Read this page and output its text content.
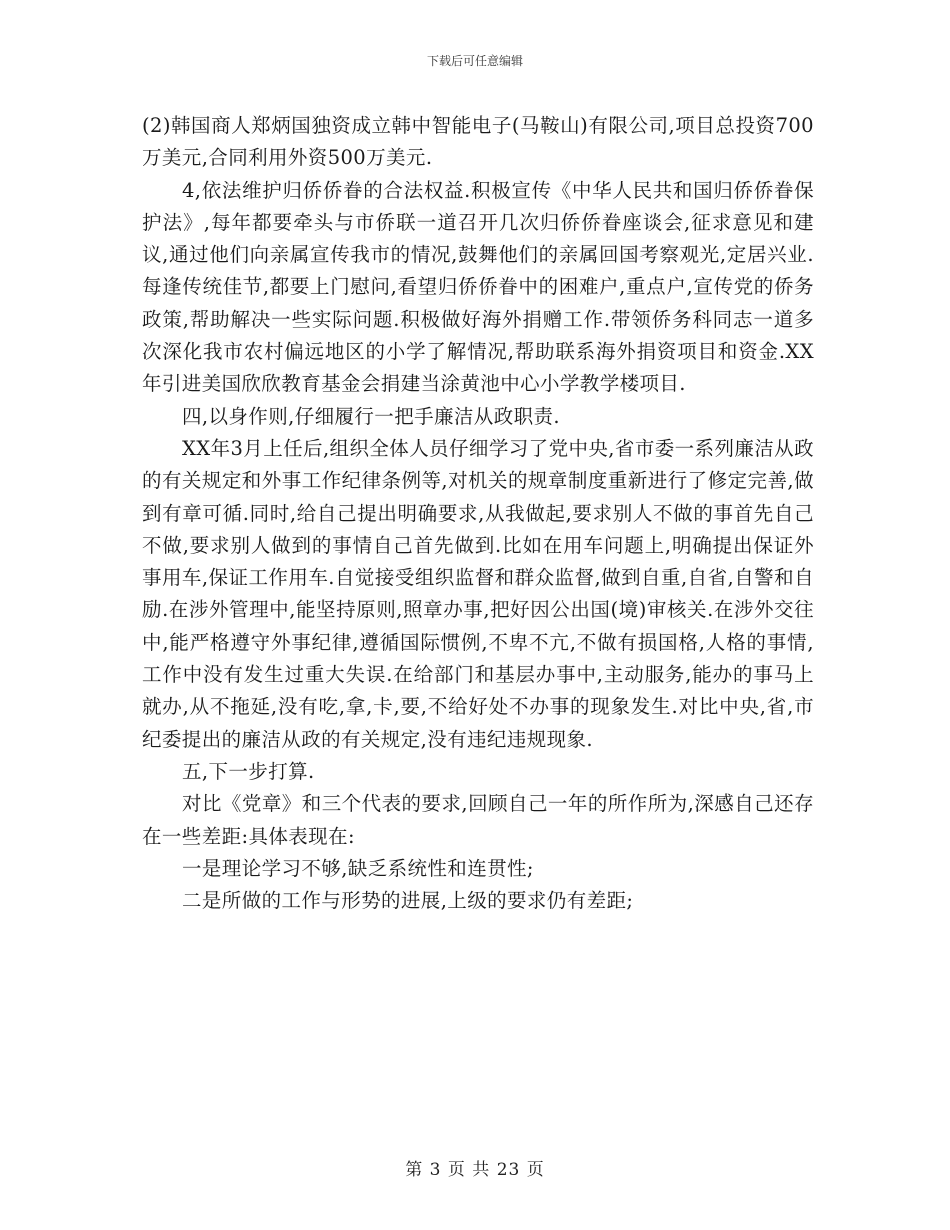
下载后可任意编辑

(2)韩国商人郑炳国独资成立韩中智能电子(马鞍山)有限公司,项目总投资700万美元,合同利用外资500万美元.

4,依法维护归侨侨眷的合法权益.积极宣传《中华人民共和国归侨侨眷保护法》,每年都要牵头与市侨联一道召开几次归侨侨眷座谈会,征求意见和建议,通过他们向亲属宣传我市的情况,鼓舞他们的亲属回国考察观光,定居兴业.每逢传统佳节,都要上门慰问,看望归侨侨眷中的困难户,重点户,宣传党的侨务政策,帮助解决一些实际问题.积极做好海外捐赠工作.带领侨务科同志一道多次深化我市农村偏远地区的小学了解情况,帮助联系海外捐资项目和资金.XX年引进美国欣欣教育基金会捐建当涂黄池中心小学教学楼项目.

四,以身作则,仔细履行一把手廉洁从政职责.

XX年3月上任后,组织全体人员仔细学习了党中央,省市委一系列廉洁从政的有关规定和外事工作纪律条例等,对机关的规章制度重新进行了修定完善,做到有章可循.同时,给自己提出明确要求,从我做起,要求别人不做的事首先自己不做,要求别人做到的事情自己首先做到.比如在用车问题上,明确提出保证外事用车,保证工作用车.自觉接受组织监督和群众监督,做到自重,自省,自警和自励.在涉外管理中,能坚持原则,照章办事,把好因公出国(境)审核关.在涉外交往中,能严格遵守外事纪律,遵循国际惯例,不卑不亢,不做有损国格,人格的事情,工作中没有发生过重大失误.在给部门和基层办事中,主动服务,能办的事马上就办,从不拖延,没有吃,拿,卡,要,不给好处不办事的现象发生.对比中央,省,市纪委提出的廉洁从政的有关规定,没有违纪违规现象.

五,下一步打算.

对比《党章》和三个代表的要求,回顾自己一年的所作所为,深感自己还存在一些差距:具体表现在:

一是理论学习不够,缺乏系统性和连贯性;

二是所做的工作与形势的进展,上级的要求仍有差距;

第 3 页 共 23 页
